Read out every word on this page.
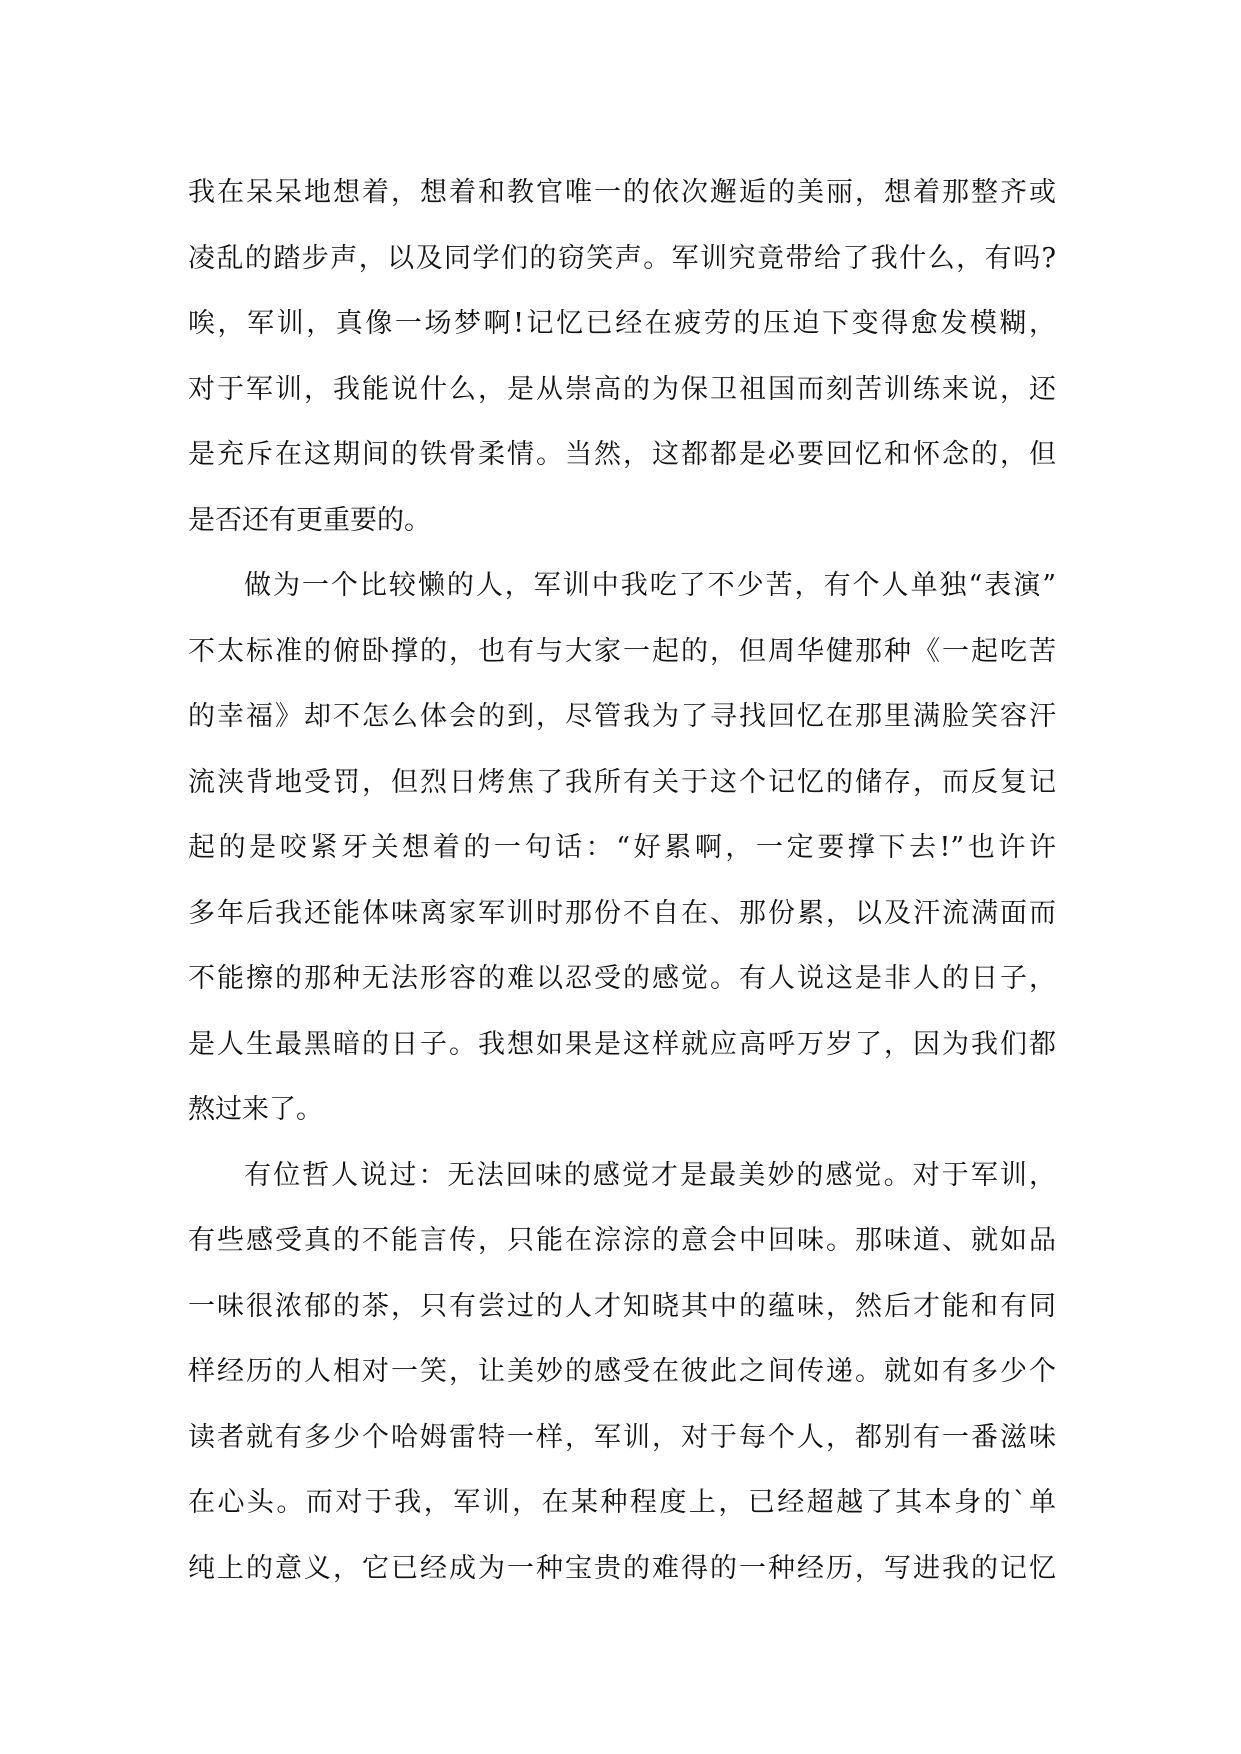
我在呆呆地想着，想着和教官唯一的依次邂逅的美丽，想着那整齐或
凌乱的踏步声，以及同学们的窃笑声。军训究竟带给了我什么，有吗?
唉，军训，真像一场梦啊!记忆已经在疲劳的压迫下变得愈发模糊，
对于军训，我能说什么，是从崇高的为保卫祖国而刻苦训练来说，还
是充斥在这期间的铁骨柔情。当然，这都都是必要回忆和怀念的，但
是否还有更重要的。
做为一个比较懒的人，军训中我吃了不少苦，有个人单独“表演”
不太标准的俯卧撑的，也有与大家一起的，但周华健那种《一起吃苦
的幸福》却不怎么体会的到，尽管我为了寻找回忆在那里满脸笑容汗
流浃背地受罚，但烈日烤焦了我所有关于这个记忆的储存，而反复记
起的是咬紧牙关想着的一句话：“好累啊，一定要撑下去!”也许许
多年后我还能体味离家军训时那份不自在、那份累，以及汗流满面而
不能擦的那种无法形容的难以忍受的感觉。有人说这是非人的日子，
是人生最黑暗的日子。我想如果是这样就应高呼万岁了，因为我们都
熬过来了。
有位哲人说过：无法回味的感觉才是最美妙的感觉。对于军训，
有些感受真的不能言传，只能在淙淙的意会中回味。那味道、就如品
一味很浓郁的茶，只有尝过的人才知晓其中的蕴味，然后才能和有同
样经历的人相对一笑，让美妙的感受在彼此之间传递。就如有多少个
读者就有多少个哈姆雷特一样，军训，对于每个人，都别有一番滋味
在心头。而对于我，军训，在某种程度上，已经超越了其本身的`单
纯上的意义，它已经成为一种宝贵的难得的一种经历，写进我的记忆
